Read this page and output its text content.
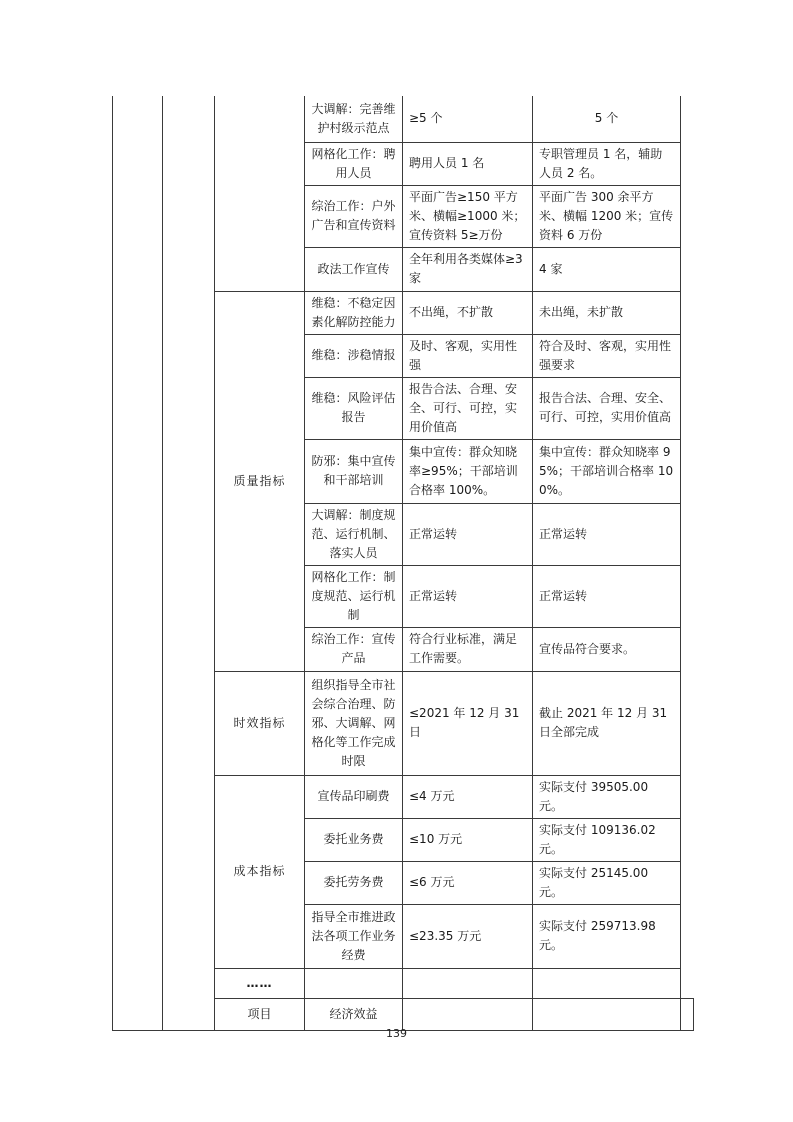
			大调解：完善维护村级示范点	≥5 个	5 个	
			网格化工作：聘用人员	聘用人员 1 名	专职管理员 1 名，辅助人员 2 名。	
			综治工作：户外广告和宣传资料	平面广告≥150 平方米、横幅≥1000 米；宣传资料 5≥万份	平面广告 300 余平方米、横幅 1200 米；宣传资料 6 万份	
			政法工作宣传	全年利用各类媒体≥3 家	4 家	
		质量指标	维稳：不稳定因素化解防控能力	不出绳，不扩散	未出绳，未扩散	
			维稳：涉稳情报	及时、客观，实用性强	符合及时、客观，实用性强要求	
			维稳：风险评估报告	报告合法、合理、安全、可行、可控，实用价值高	报告合法、合理、安全、可行、可控，实用价值高	
			防邪：集中宣传和干部培训	集中宣传：群众知晓率≥95%；干部培训合格率 100%。	集中宣传：群众知晓率 95%；干部培训合格率 100%。	
			大调解：制度规范、运行机制、落实人员	正常运转	正常运转	
			网格化工作：制度规范、运行机制	正常运转	正常运转	
			综治工作：宣传产品	符合行业标准，满足工作需要。	宣传品符合要求。	
		时效指标	组织指导全市社会综合治理、防邪、大调解、网格化等工作完成时限	≤2021 年 12 月 31 日	截止 2021 年 12 月 31 日全部完成	
		成本指标	宣传品印刷费	≤4 万元	实际支付 39505.00 元。	
			委托业务费	≤10 万元	实际支付 109136.02 元。	
			委托劳务费	≤6 万元	实际支付 25145.00 元。	
			指导全市推进政法各项工作业务经费	≤23.35 万元	实际支付 259713.98 元。	
		……				
		项目	经济效益			
139
